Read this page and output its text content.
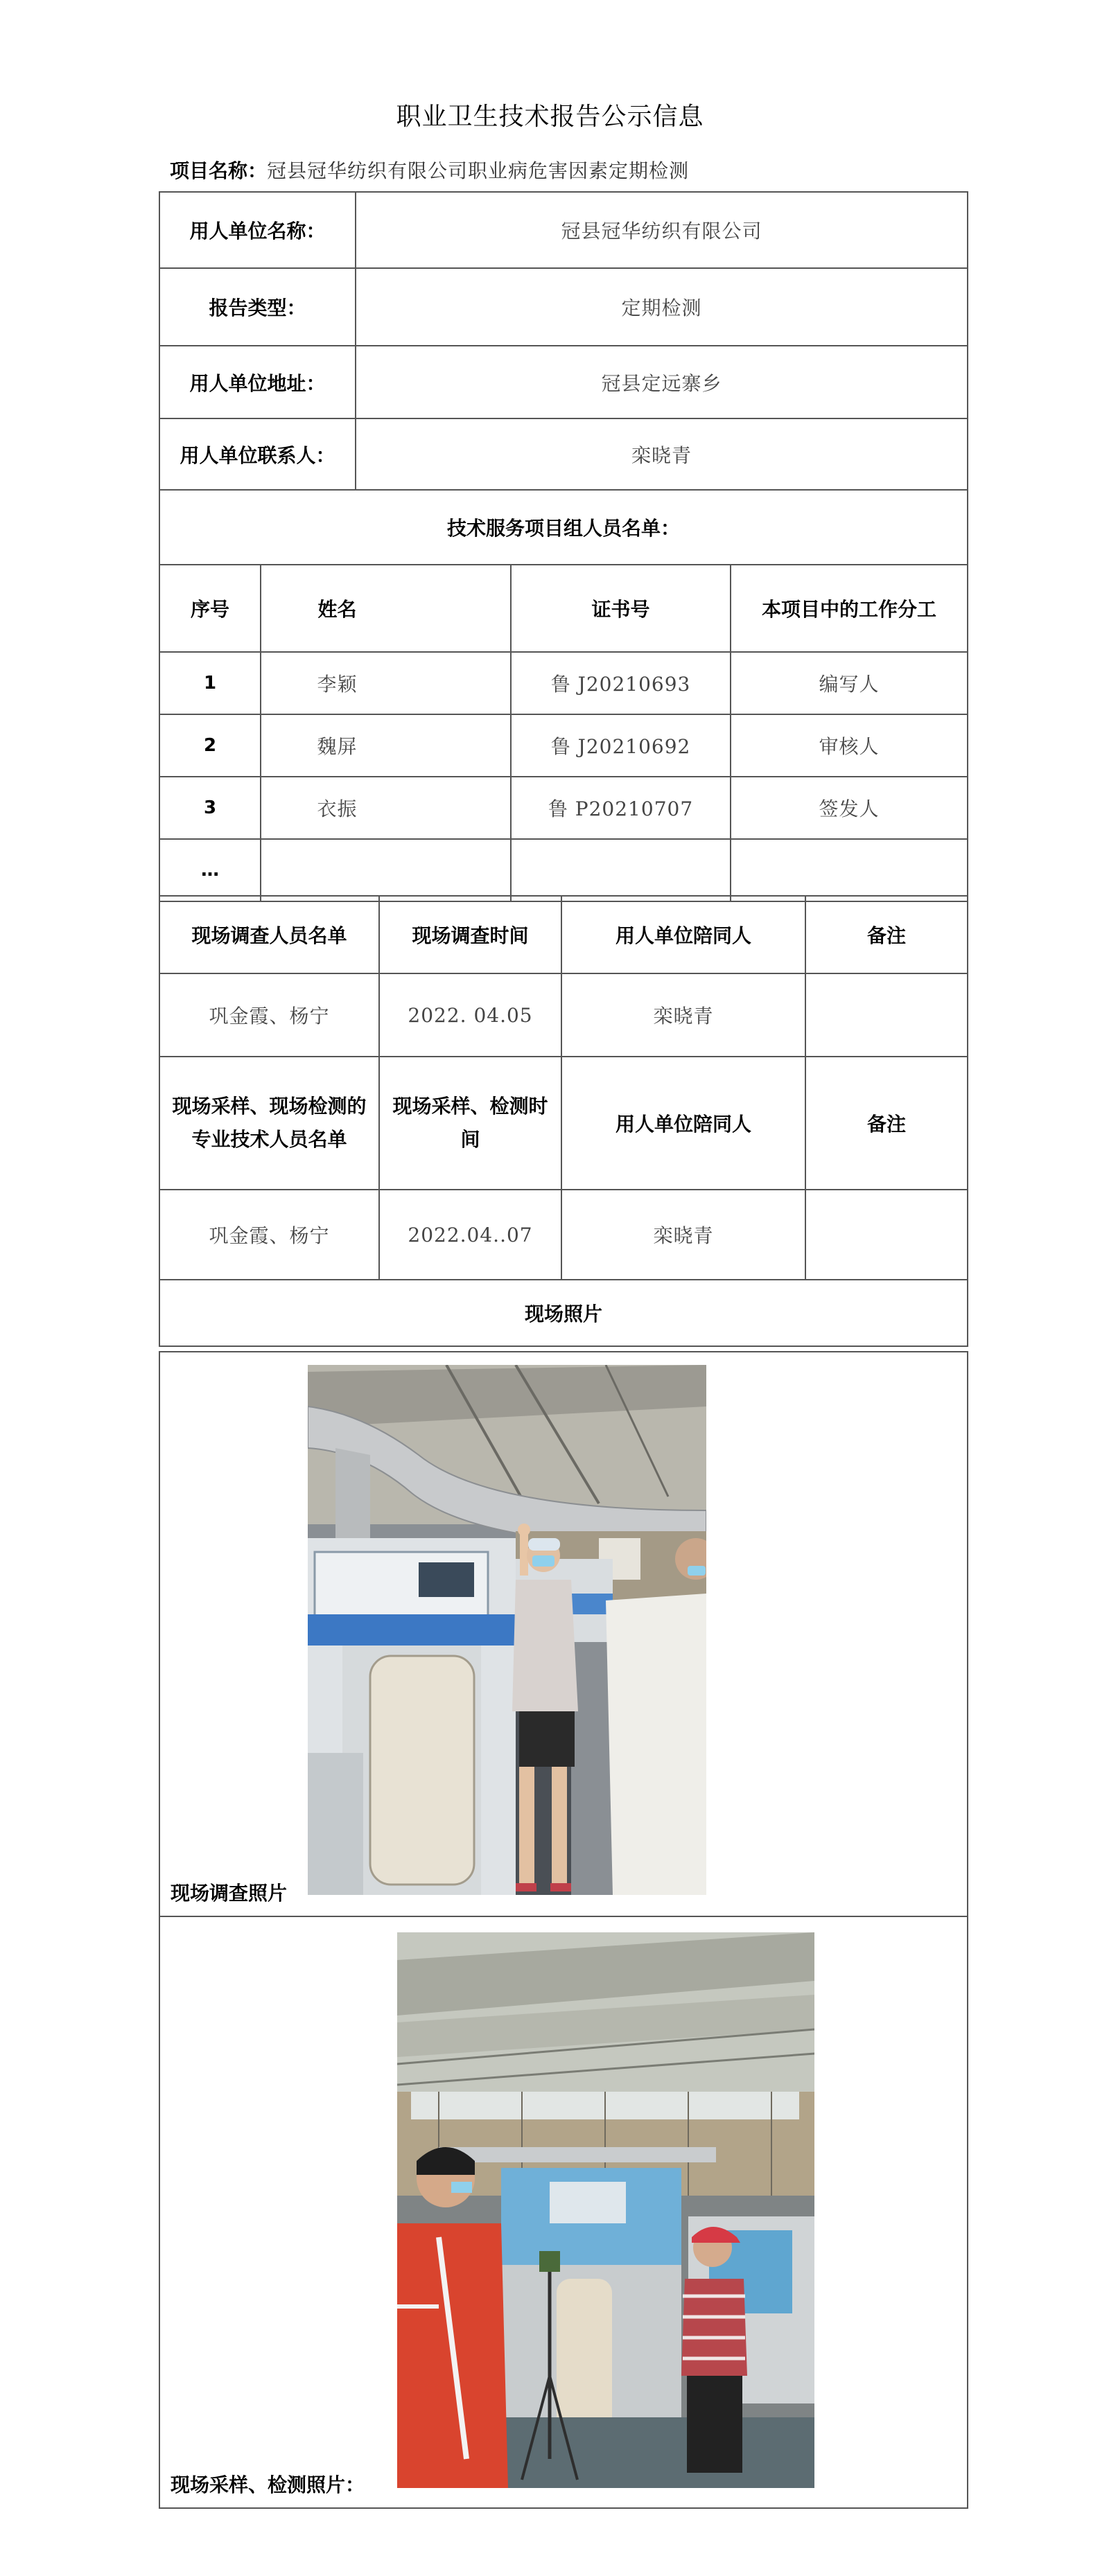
职业卫生技术报告公示信息
项目名称：冠县冠华纺织有限公司职业病危害因素定期检测
用人单位名称：		冠县冠华纺织有限公司		
报告类型：		定期检测		
用人单位地址：		冠县定远寨乡		
用人单位联系人：		栾晓青		
技术服务项目组人员名单：				
序号	姓名		证书号	本项目中的工作分工
1	李颖		鲁 J20210693	编写人
2	魏屏		鲁 J20210692	审核人
3	衣振		鲁 P20210707	签发人
…				
现场调查人员名单	现场调查时间	用人单位陪同人	备注
巩金霞、杨宁	2022. 04.05	栾晓青	
现场采样、现场检测的专业技术人员名单	现场采样、检测时间	用人单位陪同人	备注
巩金霞、杨宁	2022.04..07	栾晓青	
现场照片			
现场调查照片

现场采样、检测照片：
